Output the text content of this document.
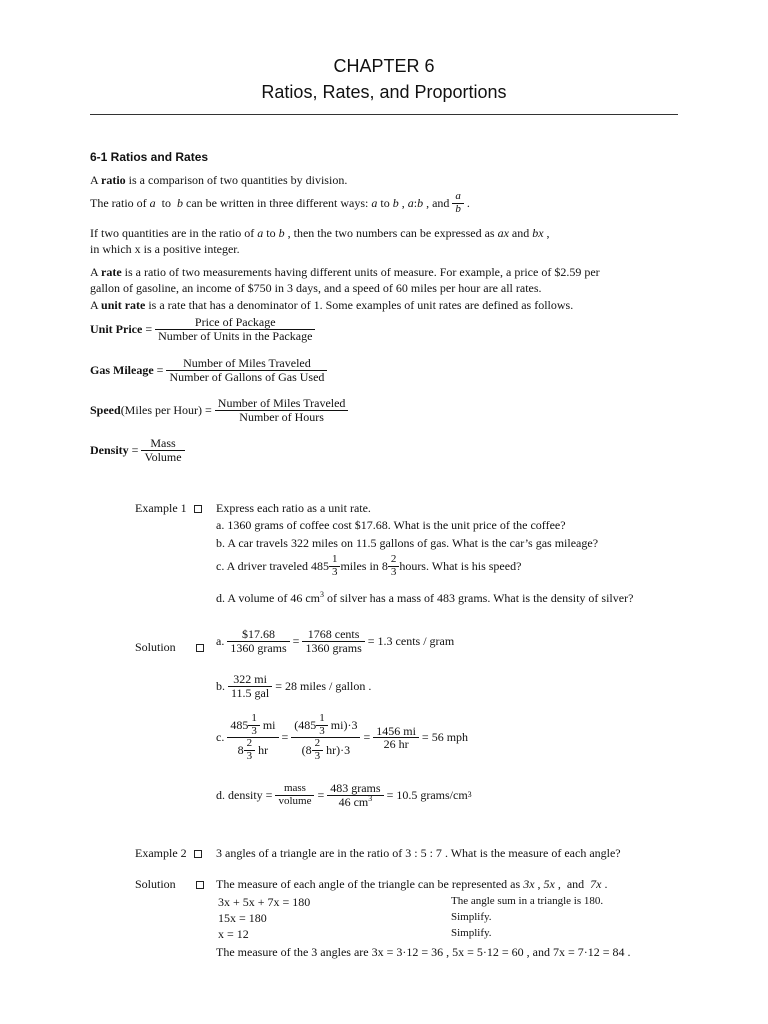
CHAPTER 6
Ratios, Rates, and Proportions
6-1 Ratios and Rates
A ratio is a comparison of two quantities by division.
The ratio of
a to b
can be written in three different ways:
a to b , a : b , and $\frac{a}{b}$ .
If two quantities are in the ratio of a to b , then the two numbers can be expressed as ax and bx ,
in which x is a positive integer.
A rate is a ratio of two measurements having different units of measure. For example, a price of $2.59 per
gallon of gasoline, an income of $750 in 3 days, and a speed of 60 miles per hour are all rates.
A unit rate is a rate that has a denominator of 1. Some examples of unit rates are defined as follows.
Unit Price = $\frac{\text{Price of Package}}{\text{Number of Units in the Package}}$
Gas Mileage = $\frac{\text{Number of Miles Traveled}}{\text{Number of Gallons of Gas Used}}$
Speed (Miles per Hour) = $\frac{\text{Number of Miles Traveled}}{\text{Number of Hours}}$
Density = $\frac{\text{Mass}}{\text{Volume}}$
Example 1
Express each ratio as a unit rate.
a. 1360 grams of coffee cost $17.68. What is the unit price of the coffee?
b. A car travels 322 miles on 11.5 gallons of gas. What is the car’s gas mileage?
c. A driver traveled
$485 \frac{1}{3}$ miles in
$8 \frac{2}{3}$ hours. What is his speed?
d. A volume of 46 $cm^3$ of silver has a mass of 483 grams. What is the density of silver?
Solution	a.
$\frac{\$17.68}{\text{1360 grams}} = \frac{\text{1768 cents}}{\text{1360 grams}} = 1.3$ cents / gram
b.
$\frac{322 mi}{\text{11.5 gal}} = 28$ miles / gallon .
c.
$\frac{485 \frac{1}{3} mi}{8 \frac{2}{3} hr} = \frac{(485 \frac{1}{3} mi)\cdot 3}{(8 \frac{2}{3} hr)\cdot 3} = \frac{1456 mi}{26 hr} = 56$ mph
d.
density = $\frac{\text{mass}}{\text{volume}} = \frac{\text{483 grams}}{46 cm^3} = 10.5$ grams/cm 3
Example 2
3 angles of a triangle are in the ratio of 3 : 5 : 7 . What is the measure of each angle?
Solution	The measure of each angle of the triangle can be represented as 3x , 5x ,  and  7x .
3x + 5x + 7x = 180	The angle sum in a triangle is 180.
15x = 180	Simplify.
x = 12	Simplify.
The measure of the 3 angles are 3x = 3·12 = 36 , 5x = 5·12 = 60 , and 7x = 7·12 = 84 .
